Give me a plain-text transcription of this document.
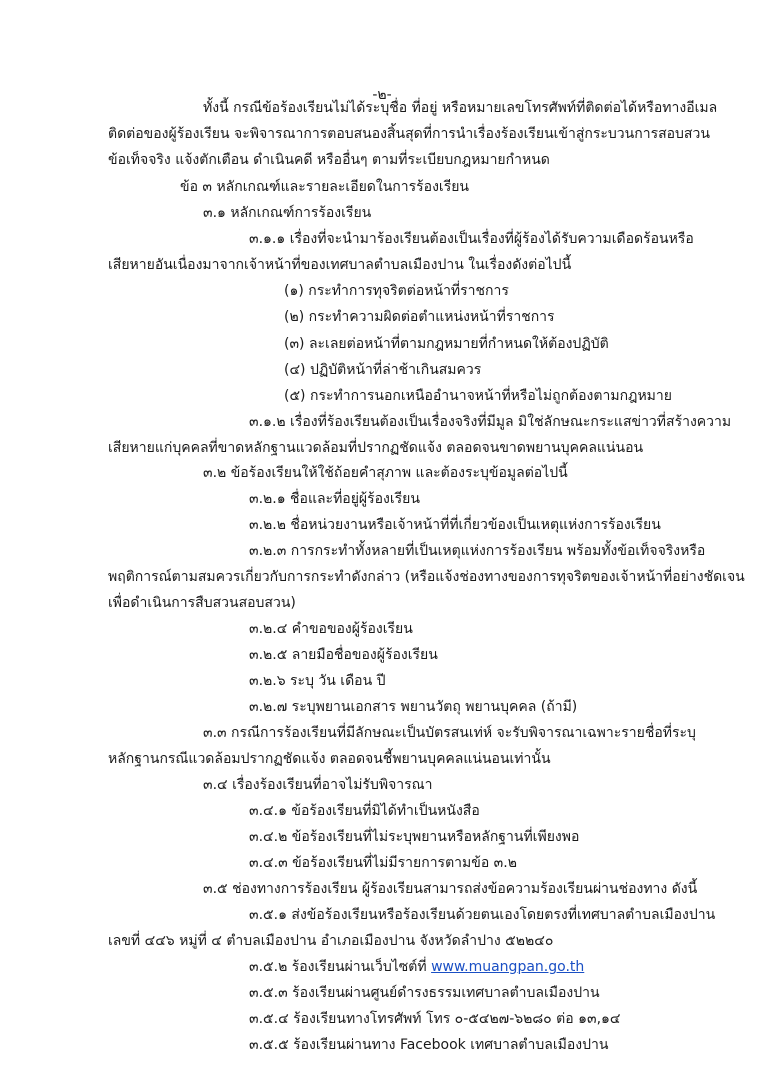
-๒-
ทั้งนี้ กรณีข้อร้องเรียนไม่ได้ระบุชื่อ ที่อยู่ หรือหมายเลขโทรศัพท์ที่ติดต่อได้หรือทางอีเมล
ติดต่อของผู้ร้องเรียน จะพิจารณาการตอบสนองสิ้นสุดที่การนำเรื่องร้องเรียนเข้าสู่กระบวนการสอบสวน
ข้อเท็จจริง แจ้งตักเตือน ดำเนินคดี หรืออื่นๆ ตามที่ระเบียบกฎหมายกำหนด
ข้อ ๓ หลักเกณฑ์และรายละเอียดในการร้องเรียน
๓.๑ หลักเกณฑ์การร้องเรียน
๓.๑.๑ เรื่องที่จะนำมาร้องเรียนต้องเป็นเรื่องที่ผู้ร้องได้รับความเดือดร้อนหรือ
เสียหายอันเนื่องมาจากเจ้าหน้าที่ของเทศบาลตำบลเมืองปาน ในเรื่องดังต่อไปนี้
(๑) กระทำการทุจริตต่อหน้าที่ราชการ
(๒) กระทำความผิดต่อตำแหน่งหน้าที่ราชการ
(๓) ละเลยต่อหน้าที่ตามกฎหมายที่กำหนดให้ต้องปฏิบัติ
(๔) ปฏิบัติหน้าที่ล่าช้าเกินสมควร
(๕) กระทำการนอกเหนืออำนาจหน้าที่หรือไม่ถูกต้องตามกฎหมาย
๓.๑.๒ เรื่องที่ร้องเรียนต้องเป็นเรื่องจริงที่มีมูล มิใช่ลักษณะกระแสข่าวที่สร้างความ
เสียหายแก่บุคคลที่ขาดหลักฐานแวดล้อมที่ปรากฏชัดแจ้ง ตลอดจนขาดพยานบุคคลแน่นอน
๓.๒ ข้อร้องเรียนให้ใช้ถ้อยคำสุภาพ และต้องระบุข้อมูลต่อไปนี้
๓.๒.๑ ชื่อและที่อยู่ผู้ร้องเรียน
๓.๒.๒ ชื่อหน่วยงานหรือเจ้าหน้าที่ที่เกี่ยวข้องเป็นเหตุแห่งการร้องเรียน
๓.๒.๓ การกระทำทั้งหลายที่เป็นเหตุแห่งการร้องเรียน พร้อมทั้งข้อเท็จจริงหรือ
พฤติการณ์ตามสมควรเกี่ยวกับการกระทำดังกล่าว (หรือแจ้งช่องทางของการทุจริตของเจ้าหน้าที่อย่างชัดเจน
เพื่อดำเนินการสืบสวนสอบสวน)
๓.๒.๔ คำขอของผู้ร้องเรียน
๓.๒.๕ ลายมือชื่อของผู้ร้องเรียน
๓.๒.๖ ระบุ วัน เดือน ปี
๓.๒.๗ ระบุพยานเอกสาร พยานวัตถุ พยานบุคคล (ถ้ามี)
๓.๓ กรณีการร้องเรียนที่มีลักษณะเป็นบัตรสนเท่ห์ จะรับพิจารณาเฉพาะรายชื่อที่ระบุ
หลักฐานกรณีแวดล้อมปรากฏชัดแจ้ง ตลอดจนชี้พยานบุคคลแน่นอนเท่านั้น
๓.๔ เรื่องร้องเรียนที่อาจไม่รับพิจารณา
๓.๔.๑ ข้อร้องเรียนที่มิได้ทำเป็นหนังสือ
๓.๔.๒ ข้อร้องเรียนที่ไม่ระบุพยานหรือหลักฐานที่เพียงพอ
๓.๔.๓ ข้อร้องเรียนที่ไม่มีรายการตามข้อ ๓.๒
๓.๕ ช่องทางการร้องเรียน ผู้ร้องเรียนสามารถส่งข้อความร้องเรียนผ่านช่องทาง ดังนี้
๓.๕.๑ ส่งข้อร้องเรียนหรือร้องเรียนด้วยตนเองโดยตรงที่เทศบาลตำบลเมืองปาน
เลขที่ ๔๔๖ หมู่ที่ ๔ ตำบลเมืองปาน อำเภอเมืองปาน จังหวัดลำปาง ๕๒๒๔๐
๓.๕.๒ ร้องเรียนผ่านเว็บไซต์ที่ www.muangpan.go.th
๓.๕.๓ ร้องเรียนผ่านศูนย์ดำรงธรรมเทศบาลตำบลเมืองปาน
๓.๕.๔ ร้องเรียนทางโทรศัพท์ โทร ๐-๕๔๒๗-๖๒๘๐ ต่อ ๑๓,๑๔
๓.๕.๕ ร้องเรียนผ่านทาง Facebook เทศบาลตำบลเมืองปาน
